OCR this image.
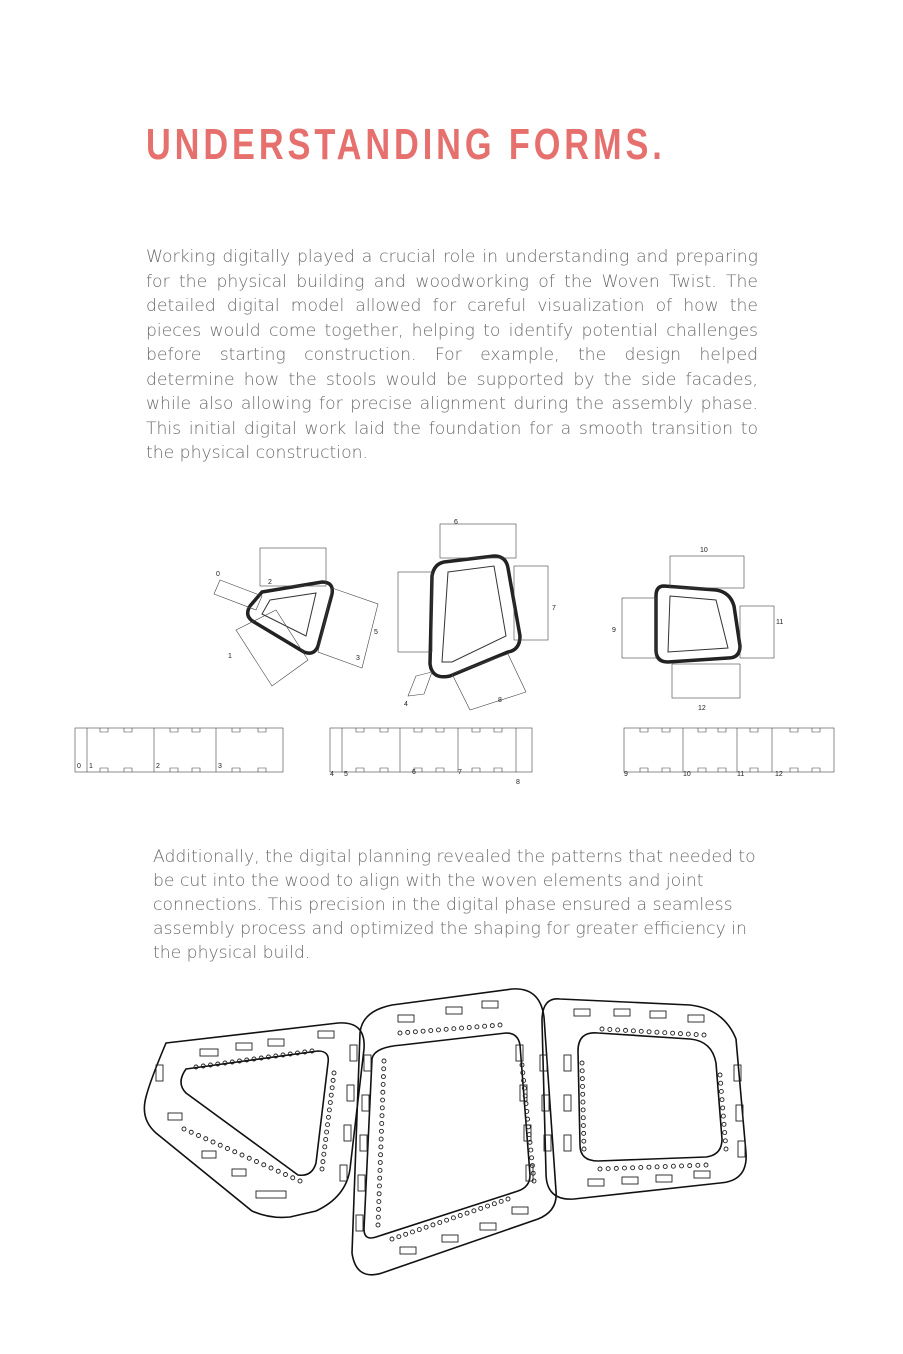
UNDERSTANDING FORMS.

Working digitally played a crucial role in understanding and preparing for the physical building and woodworking of the Woven Twist. The detailed digital model allowed for careful visualization of how the pieces would come together, helping to identify potential challenges before starting construction. For example, the design helped determine how the stools would be supported by the side facades, while also allowing for precise alignment during the assembly phase. This initial digital work laid the foundation for a smooth transition to the physical construction.

0
1
2
3
4
5
6
7
8
9
10
11
12
0 1	2	3
4 5	6	7
8
9	10	11	12

Additionally, the digital planning revealed the patterns that needed to be cut into the wood to align with the woven elements and joint connections. This precision in the digital phase ensured a seamless assembly process and optimized the shaping for greater efficiency in the physical build.
